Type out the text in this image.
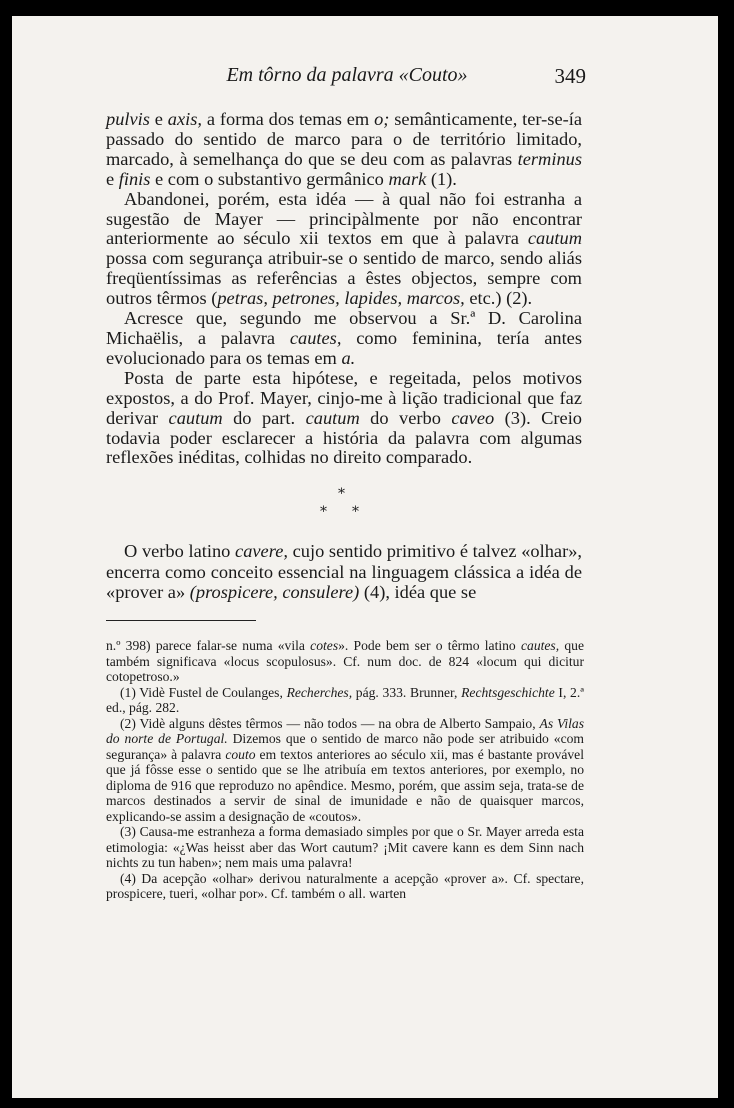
Em tôrno da palavra «Couto»	349

pulvis e axis, a forma dos temas em o; semânticamente, ter-se-ía passado do sentido de marco para o de território limitado, marcado, à semelhança do que se deu com as palavras terminus e finis e com o substantivo germânico mark (1).

Abandonei, porém, esta idéa — à qual não foi estranha a sugestão de Mayer — principàlmente por não encontrar anteriormente ao século xii textos em que à palavra cautum possa com segurança atribuir-se o sentido de marco, sendo aliás freqüentíssimas as referências a êstes objectos, sempre com outros têrmos (petras, petrones, lapides, marcos, etc.) (2).

Acresce que, segundo me observou a Sr.ª D. Carolina Michaëlis, a palavra cautes, como feminina, tería antes evolucionado para os temas em a.

Posta de parte esta hipótese, e regeitada, pelos motivos expostos, a do Prof. Mayer, cinjo-me à lição tradicional que faz derivar cautum do part. cautum do verbo caveo (3). Creio todavia poder esclarecer a história da palavra com algumas reflexões inéditas, colhidas no direito comparado.

*
* *

O verbo latino cavere, cujo sentido primitivo é talvez «olhar», encerra como conceito essencial na linguagem clássica a idéa de «prover a» (prospicere, consulere) (4), idéa que se

n.º 398) parece falar-se numa «vila cotes». Pode bem ser o têrmo latino cautes, que também significava «locus scopulosus». Cf. num doc. de 824 «locum qui dicitur cotopetroso.»

(1) Vidè Fustel de Coulanges, Recherches, pág. 333. Brunner, Rechtsgeschichte I, 2.ª ed., pág. 282.

(2) Vidè alguns dêstes têrmos — não todos — na obra de Alberto Sampaio, As Vilas do norte de Portugal. Dizemos que o sentido de marco não pode ser atribuido «com segurança» à palavra couto em textos anteriores ao século xii, mas é bastante provável que já fôsse esse o sentido que se lhe atribuía em textos anteriores, por exemplo, no diploma de 916 que reproduzo no apêndice. Mesmo, porém, que assim seja, trata-se de marcos destinados a servir de sinal de imunidade e não de quaisquer marcos, explicando-se assim a designação de «coutos».

(3) Causa-me estranheza a forma demasiado simples por que o Sr. Mayer arreda esta etimologia: «¿Was heisst aber das Wort cautum? ¡Mit cavere kann es dem Sinn nach nichts zu tun haben»; nem mais uma palavra!

(4) Da acepção «olhar» derivou naturalmente a acepção «prover a». Cf. spectare, prospicere, tueri, «olhar por». Cf. também o all. warten
